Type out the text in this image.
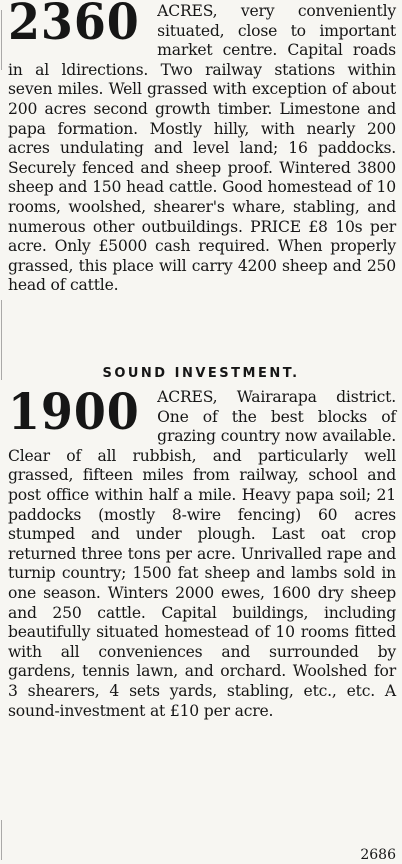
2360	ACRES, very conveniently situated, close to important market centre. Capital roads in al ldirections. Two railway stations within seven miles. Well grassed with exception of about 200 acres second growth timber. Limestone and papa formation. Mostly hilly, with nearly 200 acres undulating and level land; 16 paddocks. Securely fenced and sheep proof. Wintered 3800 sheep and 150 head cattle. Good homestead of 10 rooms, woolshed, shearer's whare, stabling, and numerous other outbuildings. PRICE £8 10s per acre. Only £5000 cash required. When properly grassed, this place will carry 4200 sheep and 250 head of cattle.
SOUND INVESTMENT.
1900	ACRES, Wairarapa district. One of the best blocks of grazing country now available. Clear of all rubbish, and particularly well grassed, fifteen miles from railway, school and post office within half a mile. Heavy papa soil; 21 paddocks (mostly 8-wire fencing) 60 acres stumped and under plough. Last oat crop returned three tons per acre. Unrivalled rape and turnip country; 1500 fat sheep and lambs sold in one season. Winters 2000 ewes, 1600 dry sheep and 250 cattle. Capital buildings, including beautifully situated homestead of 10 rooms fitted with all conveniences and surrounded by gardens, tennis lawn, and orchard. Woolshed for 3 shearers, 4 sets yards, stabling, etc., etc. A sound-investment at £10 per acre.
2686
